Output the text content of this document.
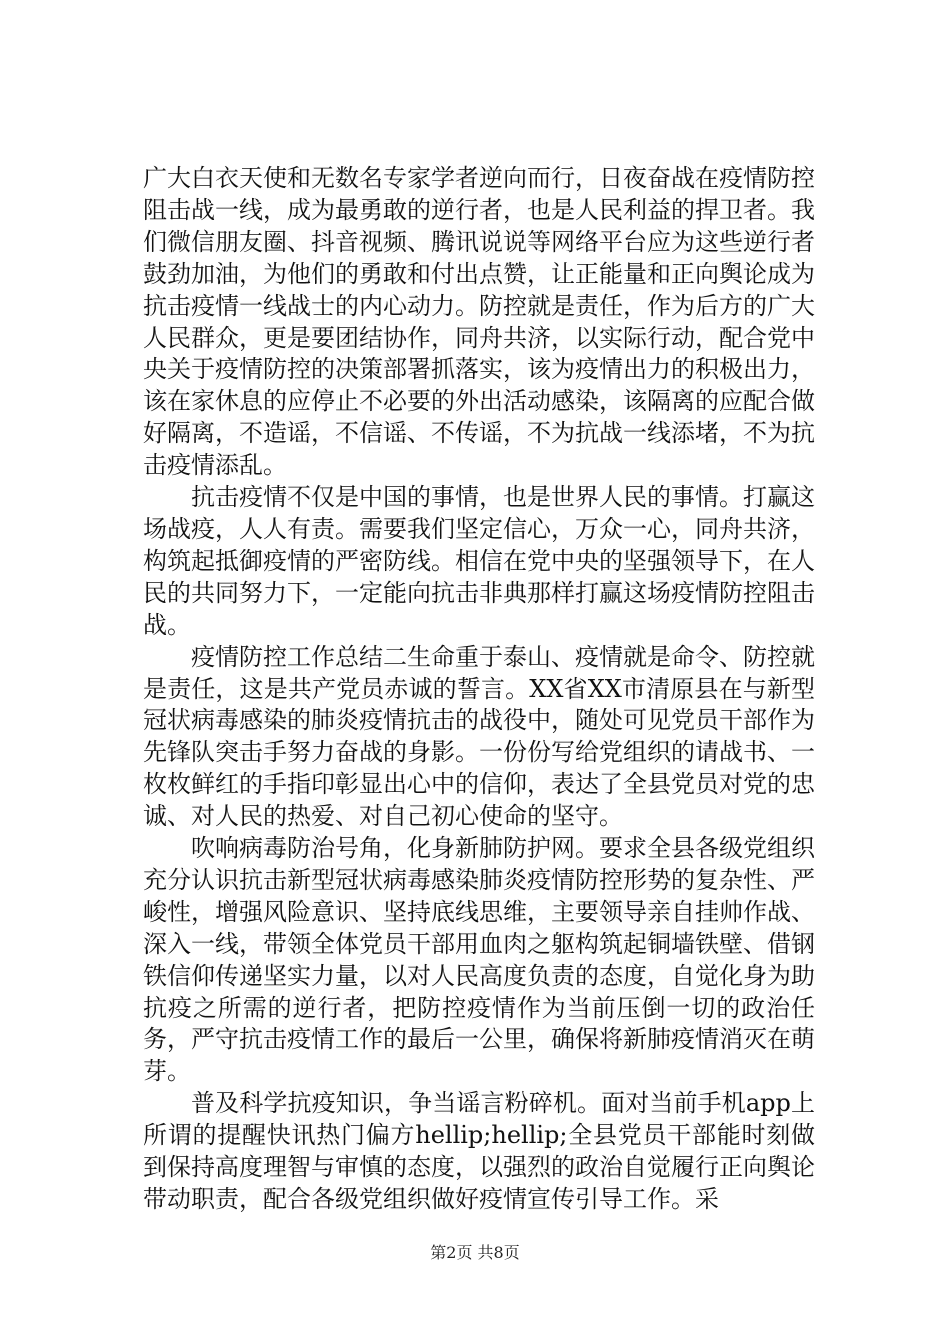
广大白衣天使和无数名专家学者逆向而行，日夜奋战在疫情防控阻击战一线，成为最勇敢的逆行者，也是人民利益的捍卫者。我们微信朋友圈、抖音视频、腾讯说说等网络平台应为这些逆行者鼓劲加油，为他们的勇敢和付出点赞，让正能量和正向舆论成为抗击疫情一线战士的内心动力。防控就是责任，作为后方的广大人民群众，更是要团结协作，同舟共济，以实际行动，配合党中央关于疫情防控的决策部署抓落实，该为疫情出力的积极出力，该在家休息的应停止不必要的外出活动感染，该隔离的应配合做好隔离，不造谣，不信谣、不传谣，不为抗战一线添堵，不为抗击疫情添乱。

抗击疫情不仅是中国的事情，也是世界人民的事情。打赢这场战疫，人人有责。需要我们坚定信心，万众一心，同舟共济，构筑起抵御疫情的严密防线。相信在党中央的坚强领导下，在人民的共同努力下，一定能向抗击非典那样打赢这场疫情防控阻击战。

疫情防控工作总结二生命重于泰山、疫情就是命令、防控就是责任，这是共产党员赤诚的誓言。XX省XX市清原县在与新型冠状病毒感染的肺炎疫情抗击的战役中，随处可见党员干部作为先锋队突击手努力奋战的身影。一份份写给党组织的请战书、一枚枚鲜红的手指印彰显出心中的信仰，表达了全县党员对党的忠诚、对人民的热爱、对自己初心使命的坚守。

吹响病毒防治号角，化身新肺防护网。要求全县各级党组织充分认识抗击新型冠状病毒感染肺炎疫情防控形势的复杂性、严峻性，增强风险意识、坚持底线思维，主要领导亲自挂帅作战、深入一线，带领全体党员干部用血肉之躯构筑起铜墙铁壁、借钢铁信仰传递坚实力量，以对人民高度负责的态度，自觉化身为助抗疫之所需的逆行者，把防控疫情作为当前压倒一切的政治任务，严守抗击疫情工作的最后一公里，确保将新肺疫情消灭在萌芽。

普及科学抗疫知识，争当谣言粉碎机。面对当前手机app上所谓的提醒快讯热门偏方hellip;hellip;全县党员干部能时刻做到保持高度理智与审慎的态度，以强烈的政治自觉履行正向舆论带动职责，配合各级党组织做好疫情宣传引导工作。采

第2页 共8页
